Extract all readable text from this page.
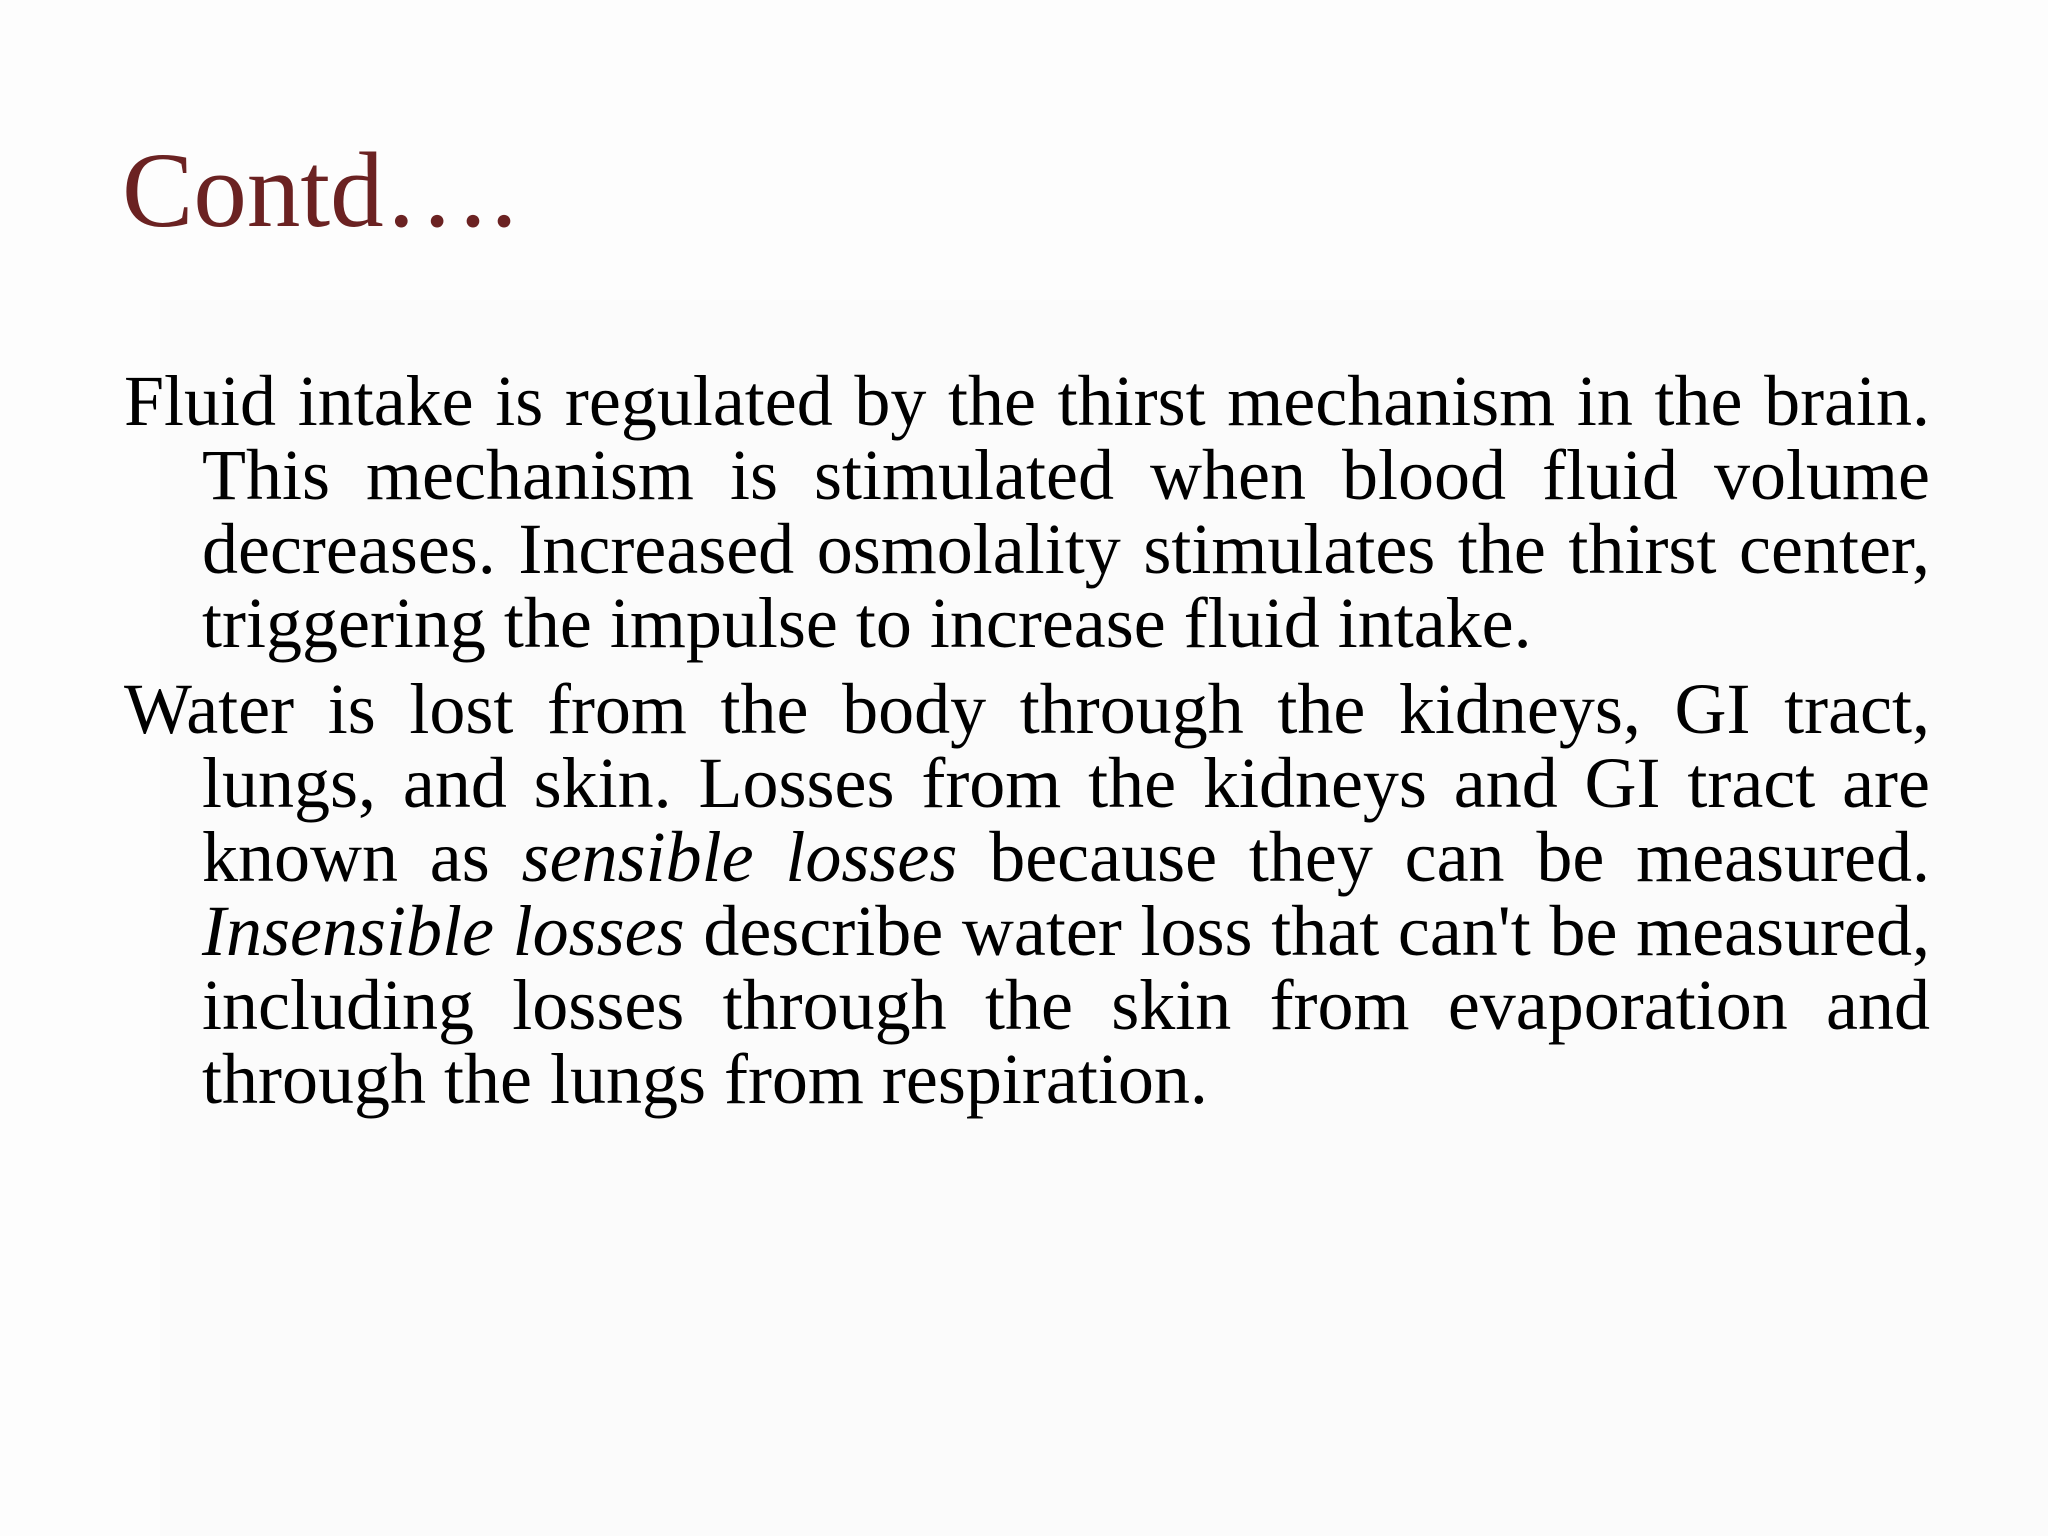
Contd….

Fluid intake is regulated by the thirst mechanism in the brain. This mechanism is stimulated when blood fluid volume decreases. Increased osmolality stimulates the thirst center, triggering the impulse to increase fluid intake.

Water is lost from the body through the kidneys, GI tract, lungs, and skin. Losses from the kidneys and GI tract are known as sensible losses because they can be measured. Insensible losses describe water loss that can't be measured, including losses through the skin from evaporation and through the lungs from respiration.
